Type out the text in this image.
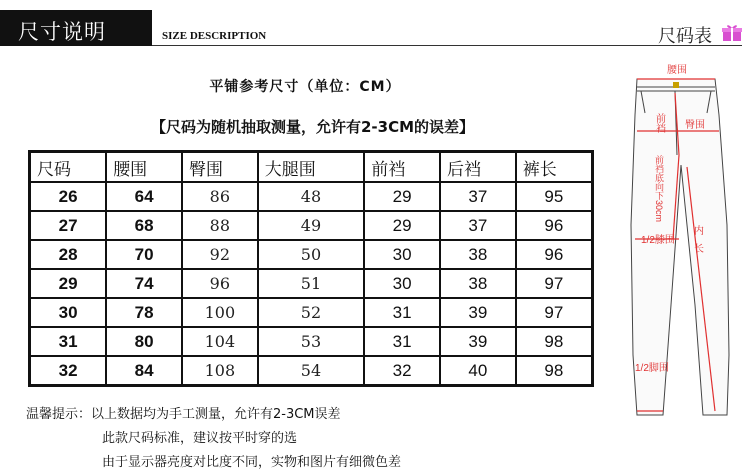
尺寸说明	SIZE DESCRIPTION	尺码表
平铺参考尺寸（单位：CM）
【尺码为随机抽取测量，允许有2-3CM的误差】
尺码	腰围	臀围	大腿围	前裆	后裆	裤长
26	64	86	48	29	37	95
27	68	88	49	29	37	96
28	70	92	50	30	38	96
29	74	96	51	30	38	97
30	78	100	52	31	39	97
31	80	104	53	31	39	98
32	84	108	54	32	40	98
温馨提示：以上数据均为手工测量，允许有2-3CM误差
此款尺码标准，建议按平时穿的选
由于显示器亮度对比度不同，实物和图片有细微色差
腰围
臀围
1/2膝围
1/2脚围
前裆
前裆底向下30cm
内长
